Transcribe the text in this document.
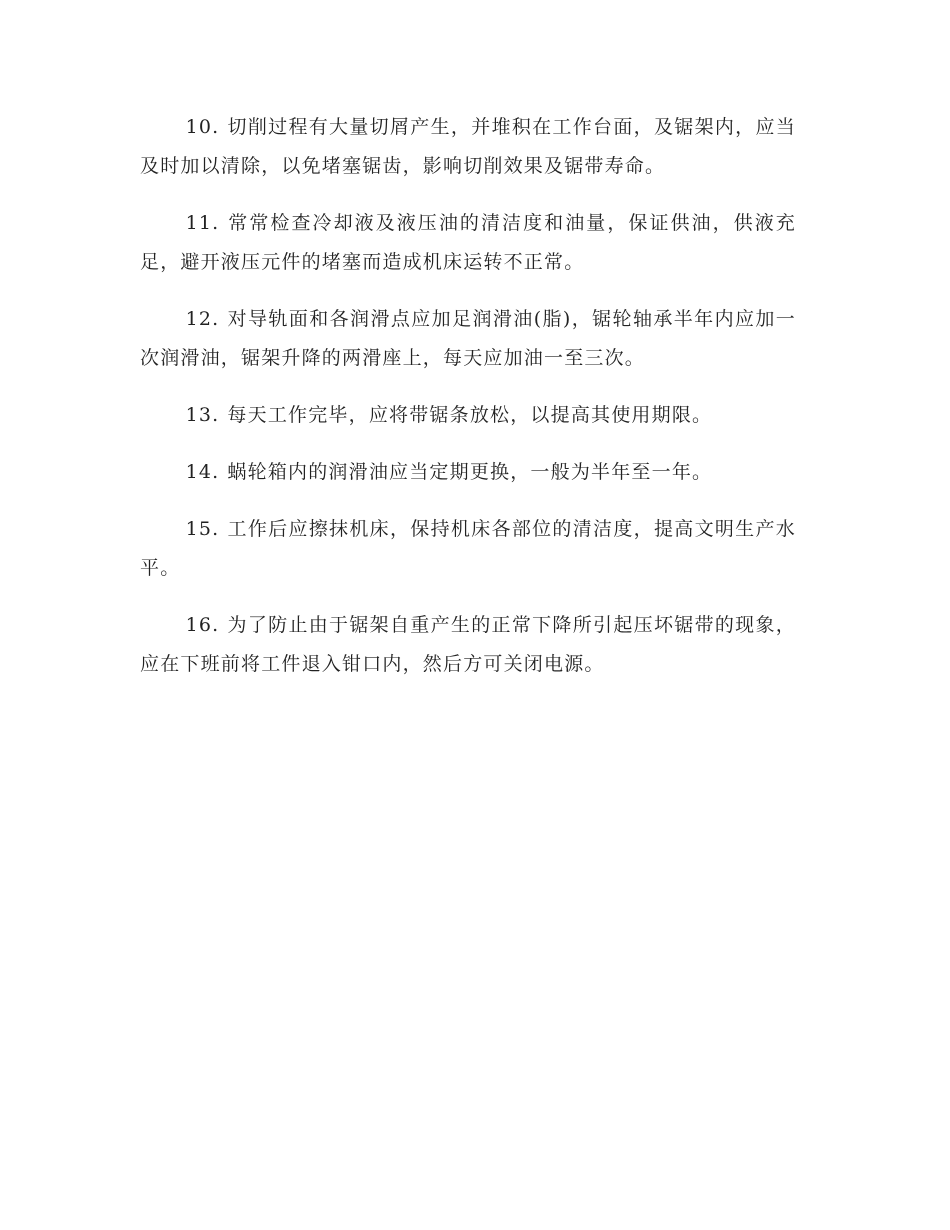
10. 切削过程有大量切屑产生，并堆积在工作台面，及锯架内，应当及时加以清除，以免堵塞锯齿，影响切削效果及锯带寿命。

11. 常常检查冷却液及液压油的清洁度和油量，保证供油，供液充足，避开液压元件的堵塞而造成机床运转不正常。

12. 对导轨面和各润滑点应加足润滑油(脂)，锯轮轴承半年内应加一次润滑油，锯架升降的两滑座上，每天应加油一至三次。

13. 每天工作完毕，应将带锯条放松，以提高其使用期限。

14. 蜗轮箱内的润滑油应当定期更换，一般为半年至一年。

15. 工作后应擦抹机床，保持机床各部位的清洁度，提高文明生产水平。

16. 为了防止由于锯架自重产生的正常下降所引起压坏锯带的现象，应在下班前将工件退入钳口内，然后方可关闭电源。
